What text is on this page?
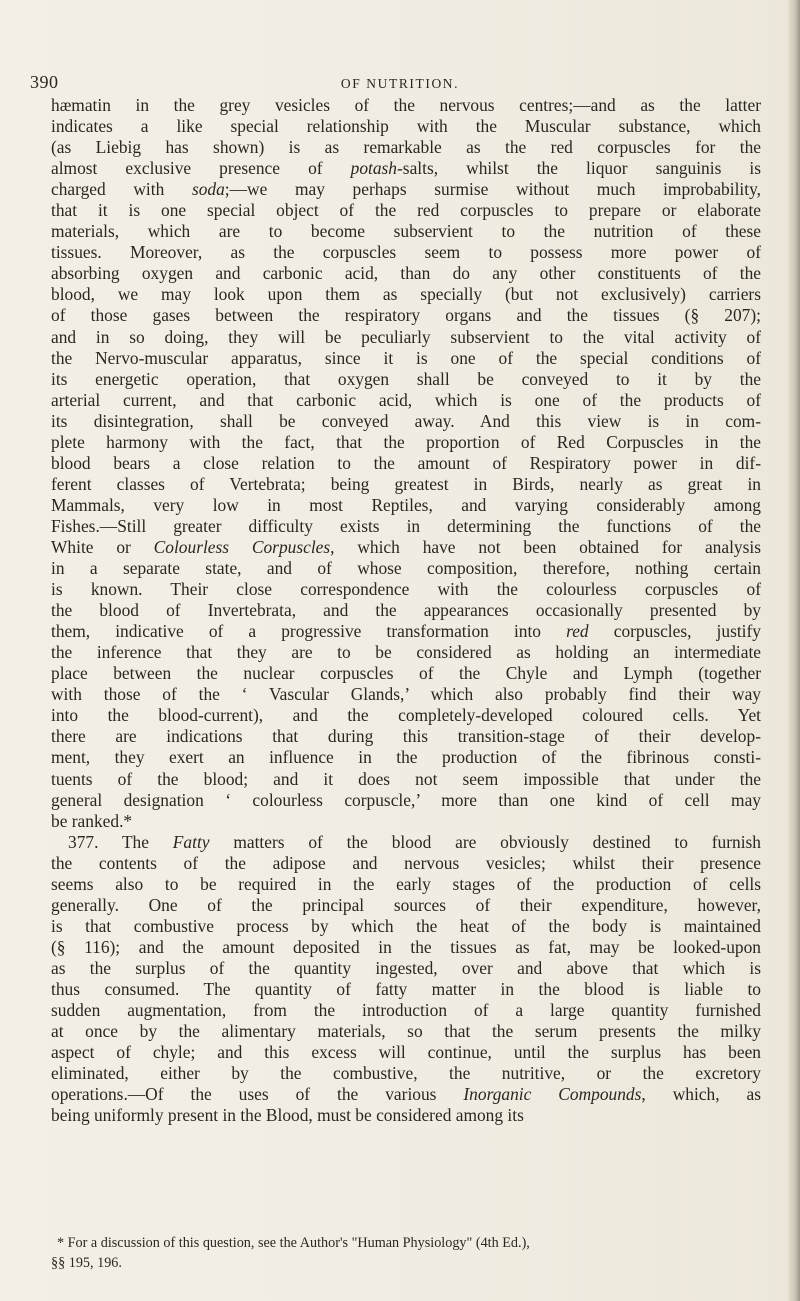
390	OF NUTRITION.
hæmatin in the grey vesicles of the nervous centres;—and as the latter
indicates a like special relationship with the Muscular substance, which
(as Liebig has shown) is as remarkable as the red corpuscles for the
almost exclusive presence of potash-salts, whilst the liquor sanguinis is
charged with soda;—we may perhaps surmise without much improbability,
that it is one special object of the red corpuscles to prepare or elaborate
materials, which are to become subservient to the nutrition of these
tissues. Moreover, as the corpuscles seem to possess more power of
absorbing oxygen and carbonic acid, than do any other constituents of the
blood, we may look upon them as specially (but not exclusively) carriers
of those gases between the respiratory organs and the tissues (§ 207);
and in so doing, they will be peculiarly subservient to the vital activity of
the Nervo-muscular apparatus, since it is one of the special conditions of
its energetic operation, that oxygen shall be conveyed to it by the
arterial current, and that carbonic acid, which is one of the products of
its disintegration, shall be conveyed away. And this view is in com-
plete harmony with the fact, that the proportion of Red Corpuscles in the
blood bears a close relation to the amount of Respiratory power in dif-
ferent classes of Vertebrata; being greatest in Birds, nearly as great in
Mammals, very low in most Reptiles, and varying considerably among
Fishes.—Still greater difficulty exists in determining the functions of the
White or Colourless Corpuscles, which have not been obtained for analysis
in a separate state, and of whose composition, therefore, nothing certain
is known. Their close correspondence with the colourless corpuscles of
the blood of Invertebrata, and the appearances occasionally presented by
them, indicative of a progressive transformation into red corpuscles, justify
the inference that they are to be considered as holding an intermediate
place between the nuclear corpuscles of the Chyle and Lymph (together
with those of the ‘ Vascular Glands,’ which also probably find their way
into the blood-current), and the completely-developed coloured cells. Yet
there are indications that during this transition-stage of their develop-
ment, they exert an influence in the production of the fibrinous consti-
tuents of the blood; and it does not seem impossible that under the
general designation ‘ colourless corpuscle,’ more than one kind of cell may
be ranked.*
377. The Fatty matters of the blood are obviously destined to furnish
the contents of the adipose and nervous vesicles; whilst their presence
seems also to be required in the early stages of the production of cells
generally. One of the principal sources of their expenditure, however,
is that combustive process by which the heat of the body is maintained
(§ 116); and the amount deposited in the tissues as fat, may be looked-upon
as the surplus of the quantity ingested, over and above that which is
thus consumed. The quantity of fatty matter in the blood is liable to
sudden augmentation, from the introduction of a large quantity furnished
at once by the alimentary materials, so that the serum presents the milky
aspect of chyle; and this excess will continue, until the surplus has been
eliminated, either by the combustive, the nutritive, or the excretory
operations.—Of the uses of the various Inorganic Compounds, which, as
being uniformly present in the Blood, must be considered among its
* For a discussion of this question, see the Author's "Human Physiology" (4th Ed.),
§§ 195, 196.
